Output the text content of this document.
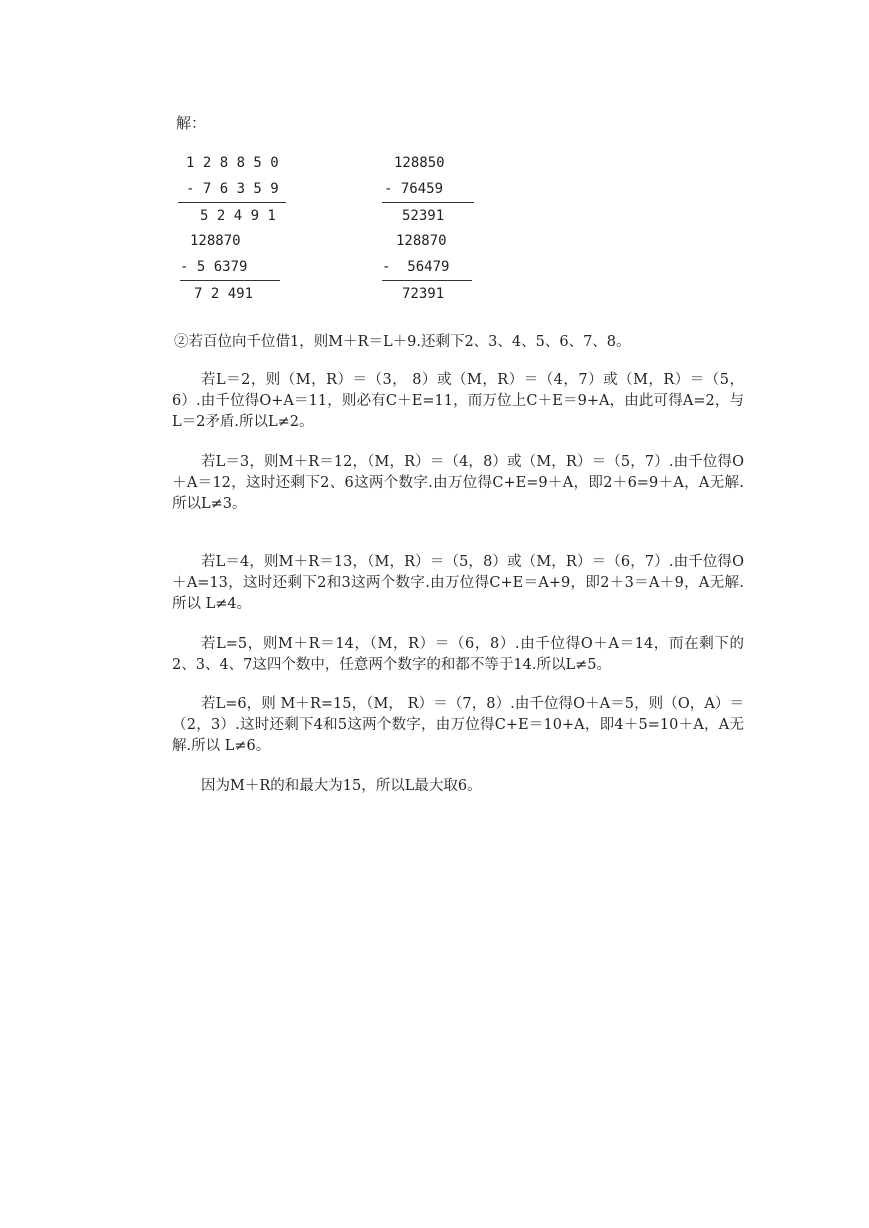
解：
1 2 8 8 5 0
- 7 6 3 5 9
5 2 4 9 1
128850
- 76459
52391
128870
- 5 6379
7 2 491
128870
-  56479
72391
②若百位向千位借1，则M＋R＝L＋9.还剩下2、3、4、5、6、7、8。
若L＝2，则（M，R）＝（3， 8）或（M，R）＝（4，7）或（M，R）＝（5，6）.由千位得O+A＝11，则必有C＋E=11，而万位上C＋E＝9+A，由此可得A=2，与L＝2矛盾.所以L≠2。
若L＝3，则M＋R＝12，（M，R）＝（4，8）或（M，R）＝（5，7）.由千位得O＋A＝12，这时还剩下2、6这两个数字.由万位得C+E=9＋A，即2＋6=9＋A，A无解.所以L≠3。
若L＝4，则M＋R＝13，（M，R）＝（5，8）或（M，R）＝（6，7）.由千位得O＋A=13，这时还剩下2和3这两个数字.由万位得C+E＝A+9，即2＋3＝A＋9，A无解.所以 L≠4。
若L=5，则M＋R＝14，（M，R）＝（6，8）.由千位得O＋A＝14，而在剩下的2、3、4、7这四个数中，任意两个数字的和都不等于14.所以L≠5。
若L=6，则 M＋R=15，（M， R）＝（7，8）.由千位得O＋A＝5，则（O，A）＝（2，3）.这时还剩下4和5这两个数字，由万位得C+E＝10+A，即4＋5=10＋A，A无解.所以 L≠6。
因为M＋R的和最大为15，所以L最大取6。
